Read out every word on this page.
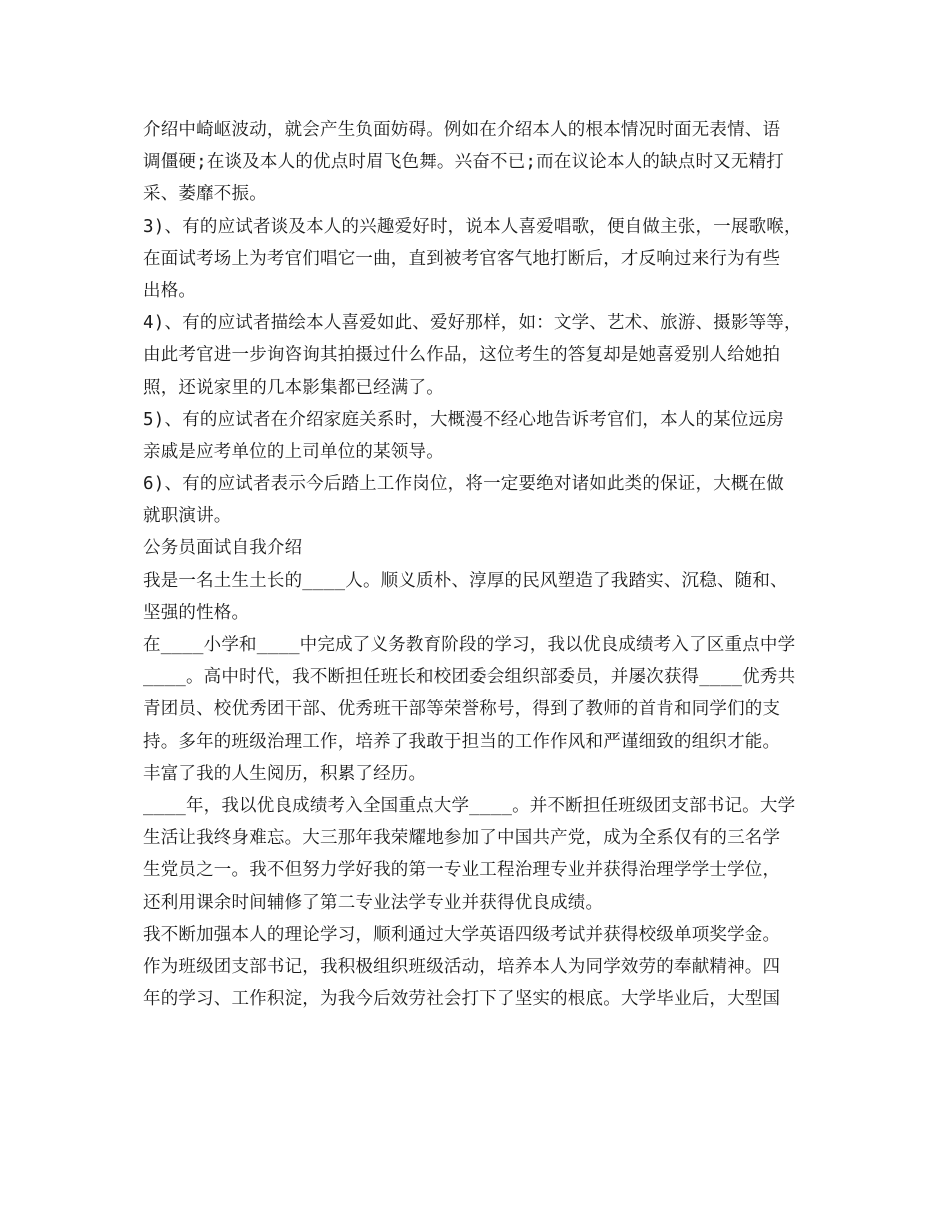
介绍中崎岖波动，就会产生负面妨碍。例如在介绍本人的根本情况时面无表情、语
调僵硬;在谈及本人的优点时眉飞色舞。兴奋不已;而在议论本人的缺点时又无精打
采、萎靡不振。
3)、有的应试者谈及本人的兴趣爱好时，说本人喜爱唱歌，便自做主张，一展歌喉，
在面试考场上为考官们唱它一曲，直到被考官客气地打断后，才反响过来行为有些
出格。
4)、有的应试者描绘本人喜爱如此、爱好那样，如：文学、艺术、旅游、摄影等等，
由此考官进一步询咨询其拍摄过什么作品，这位考生的答复却是她喜爱别人给她拍
照，还说家里的几本影集都已经满了。
5)、有的应试者在介绍家庭关系时，大概漫不经心地告诉考官们，本人的某位远房
亲戚是应考单位的上司单位的某领导。
6)、有的应试者表示今后踏上工作岗位，将一定要绝对诸如此类的保证，大概在做
就职演讲。
公务员面试自我介绍
我是一名土生土长的____人。顺义质朴、淳厚的民风塑造了我踏实、沉稳、随和、
坚强的性格。
在____小学和____中完成了义务教育阶段的学习，我以优良成绩考入了区重点中学
____。高中时代，我不断担任班长和校团委会组织部委员，并屡次获得____优秀共
青团员、校优秀团干部、优秀班干部等荣誉称号，得到了教师的首肯和同学们的支
持。多年的班级治理工作，培养了我敢于担当的工作作风和严谨细致的组织才能。
丰富了我的人生阅历，积累了经历。
____年，我以优良成绩考入全国重点大学____。并不断担任班级团支部书记。大学
生活让我终身难忘。大三那年我荣耀地参加了中国共产党，成为全系仅有的三名学
生党员之一。我不但努力学好我的第一专业工程治理专业并获得治理学学士学位，
还利用课余时间辅修了第二专业法学专业并获得优良成绩。
我不断加强本人的理论学习，顺利通过大学英语四级考试并获得校级单项奖学金。
作为班级团支部书记，我积极组织班级活动，培养本人为同学效劳的奉献精神。四
年的学习、工作积淀，为我今后效劳社会打下了坚实的根底。大学毕业后，大型国
